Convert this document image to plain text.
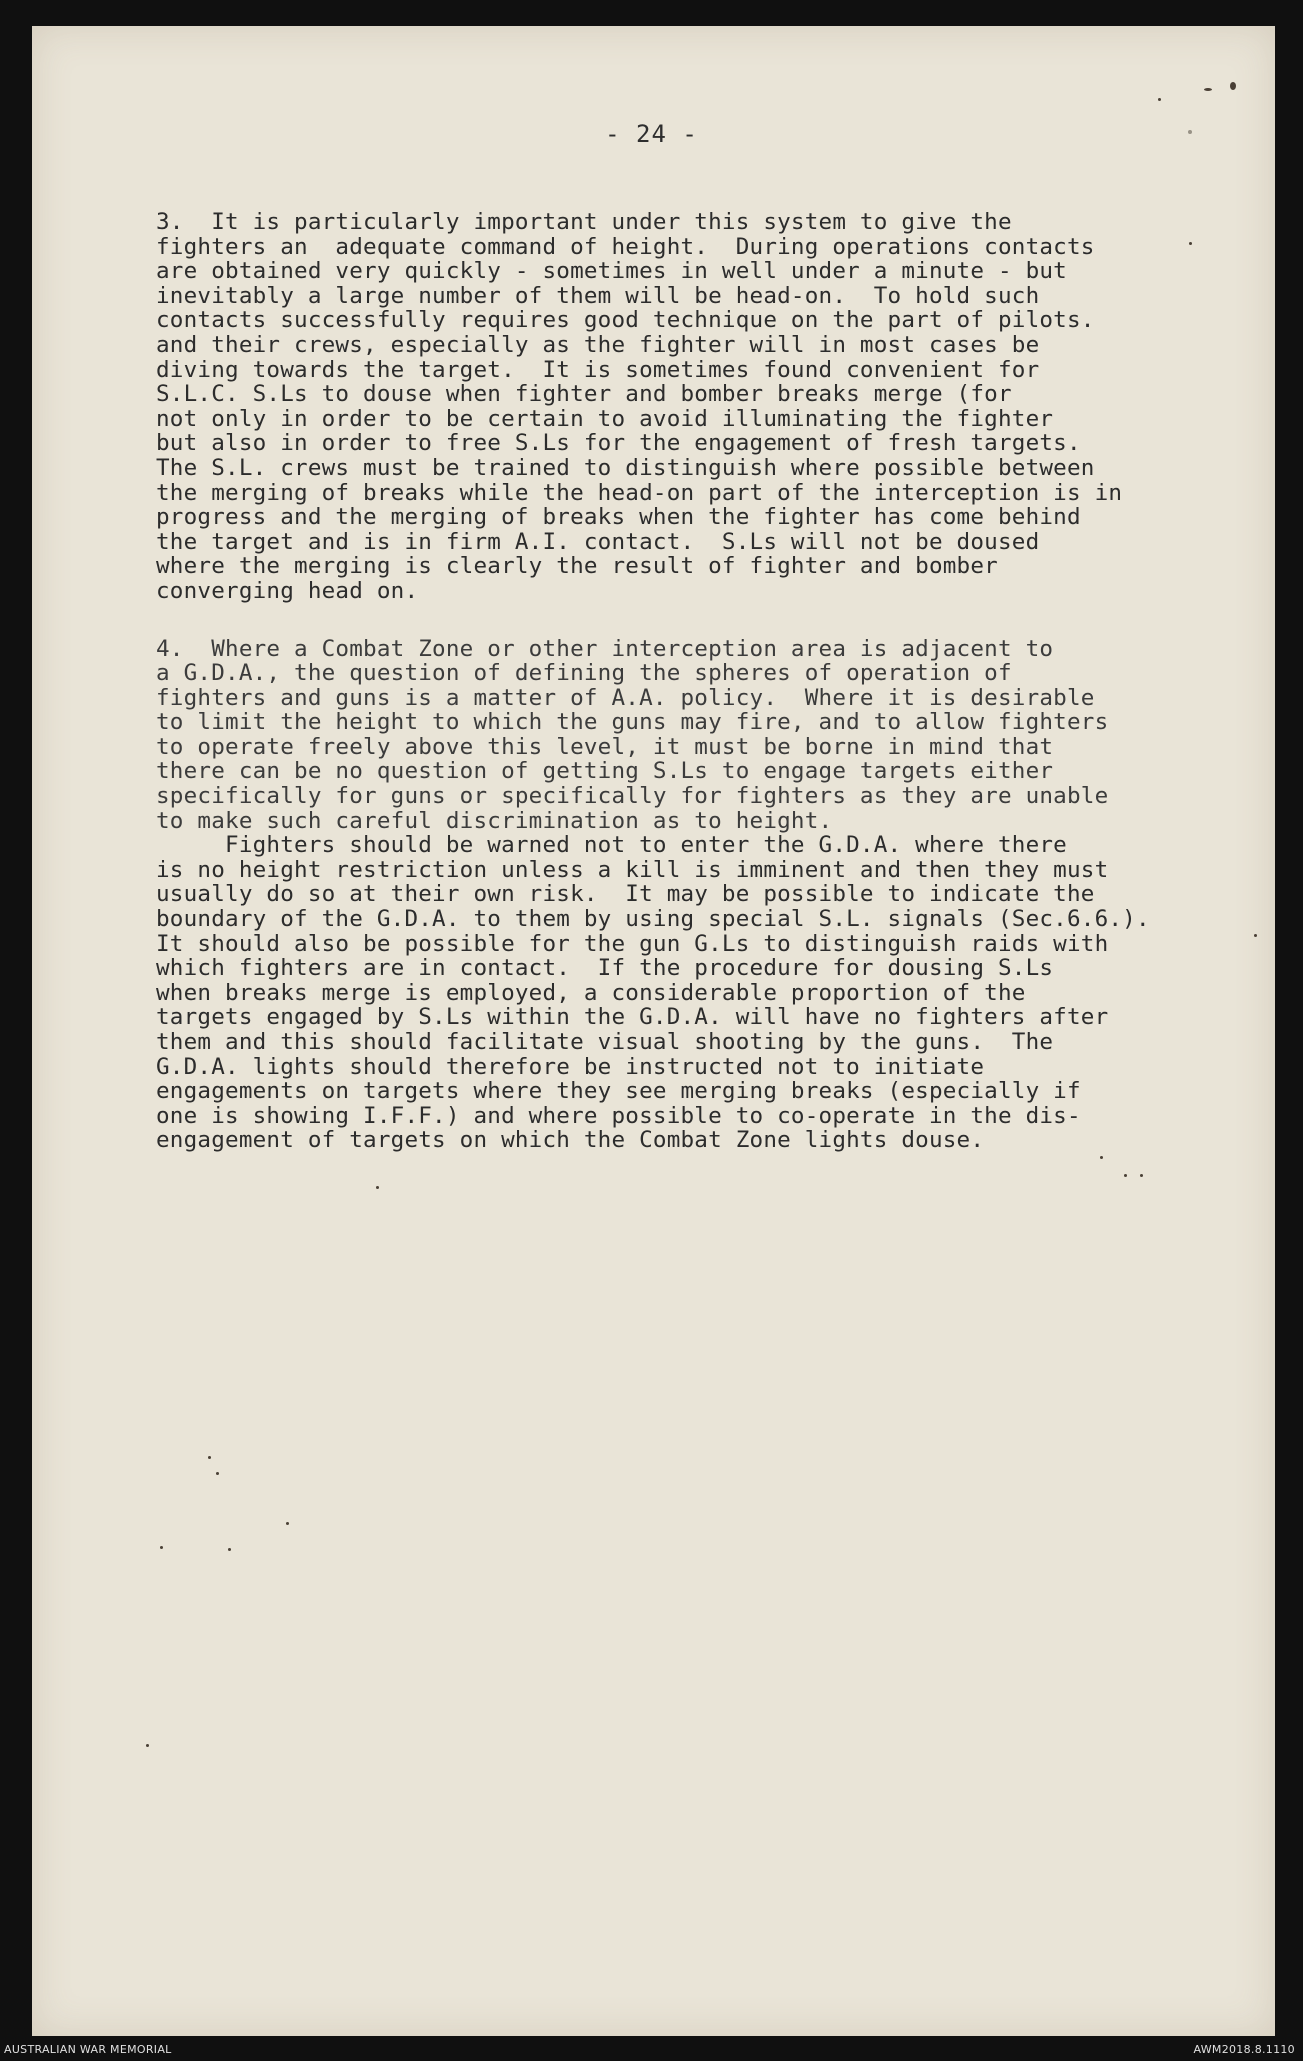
- 24 -
3.  It is particularly important under this system to give the
fighters an  adequate command of height.  During operations contacts
are obtained very quickly - sometimes in well under a minute - but
inevitably a large number of them will be head-on.  To hold such
contacts successfully requires good technique on the part of pilots.
and their crews, especially as the fighter will in most cases be
diving towards the target.  It is sometimes found convenient for
S.L.C. S.Ls to douse when fighter and bomber breaks merge (for
not only in order to be certain to avoid illuminating the fighter
but also in order to free S.Ls for the engagement of fresh targets.
The S.L. crews must be trained to distinguish where possible between
the merging of breaks while the head-on part of the interception is in
progress and the merging of breaks when the fighter has come behind
the target and is in firm A.I. contact.  S.Ls will not be doused
where the merging is clearly the result of fighter and bomber
converging head on.
4.  Where a Combat Zone or other interception area is adjacent to
a G.D.A., the question of defining the spheres of operation of
fighters and guns is a matter of A.A. policy.  Where it is desirable
to limit the height to which the guns may fire, and to allow fighters
to operate freely above this level, it must be borne in mind that
there can be no question of getting S.Ls to engage targets either
specifically for guns or specifically for fighters as they are unable
to make such careful discrimination as to height.
Fighters should be warned not to enter the G.D.A. where there
is no height restriction unless a kill is imminent and then they must
usually do so at their own risk.  It may be possible to indicate the
boundary of the G.D.A. to them by using special S.L. signals (Sec.6.6.).
It should also be possible for the gun G.Ls to distinguish raids with
which fighters are in contact.  If the procedure for dousing S.Ls
when breaks merge is employed, a considerable proportion of the
targets engaged by S.Ls within the G.D.A. will have no fighters after
them and this should facilitate visual shooting by the guns.  The
G.D.A. lights should therefore be instructed not to initiate
engagements on targets where they see merging breaks (especially if
one is showing I.F.F.) and where possible to co-operate in the dis-
engagement of targets on which the Combat Zone lights douse.
AUSTRALIAN WAR MEMORIAL	AWM2018.8.1110
